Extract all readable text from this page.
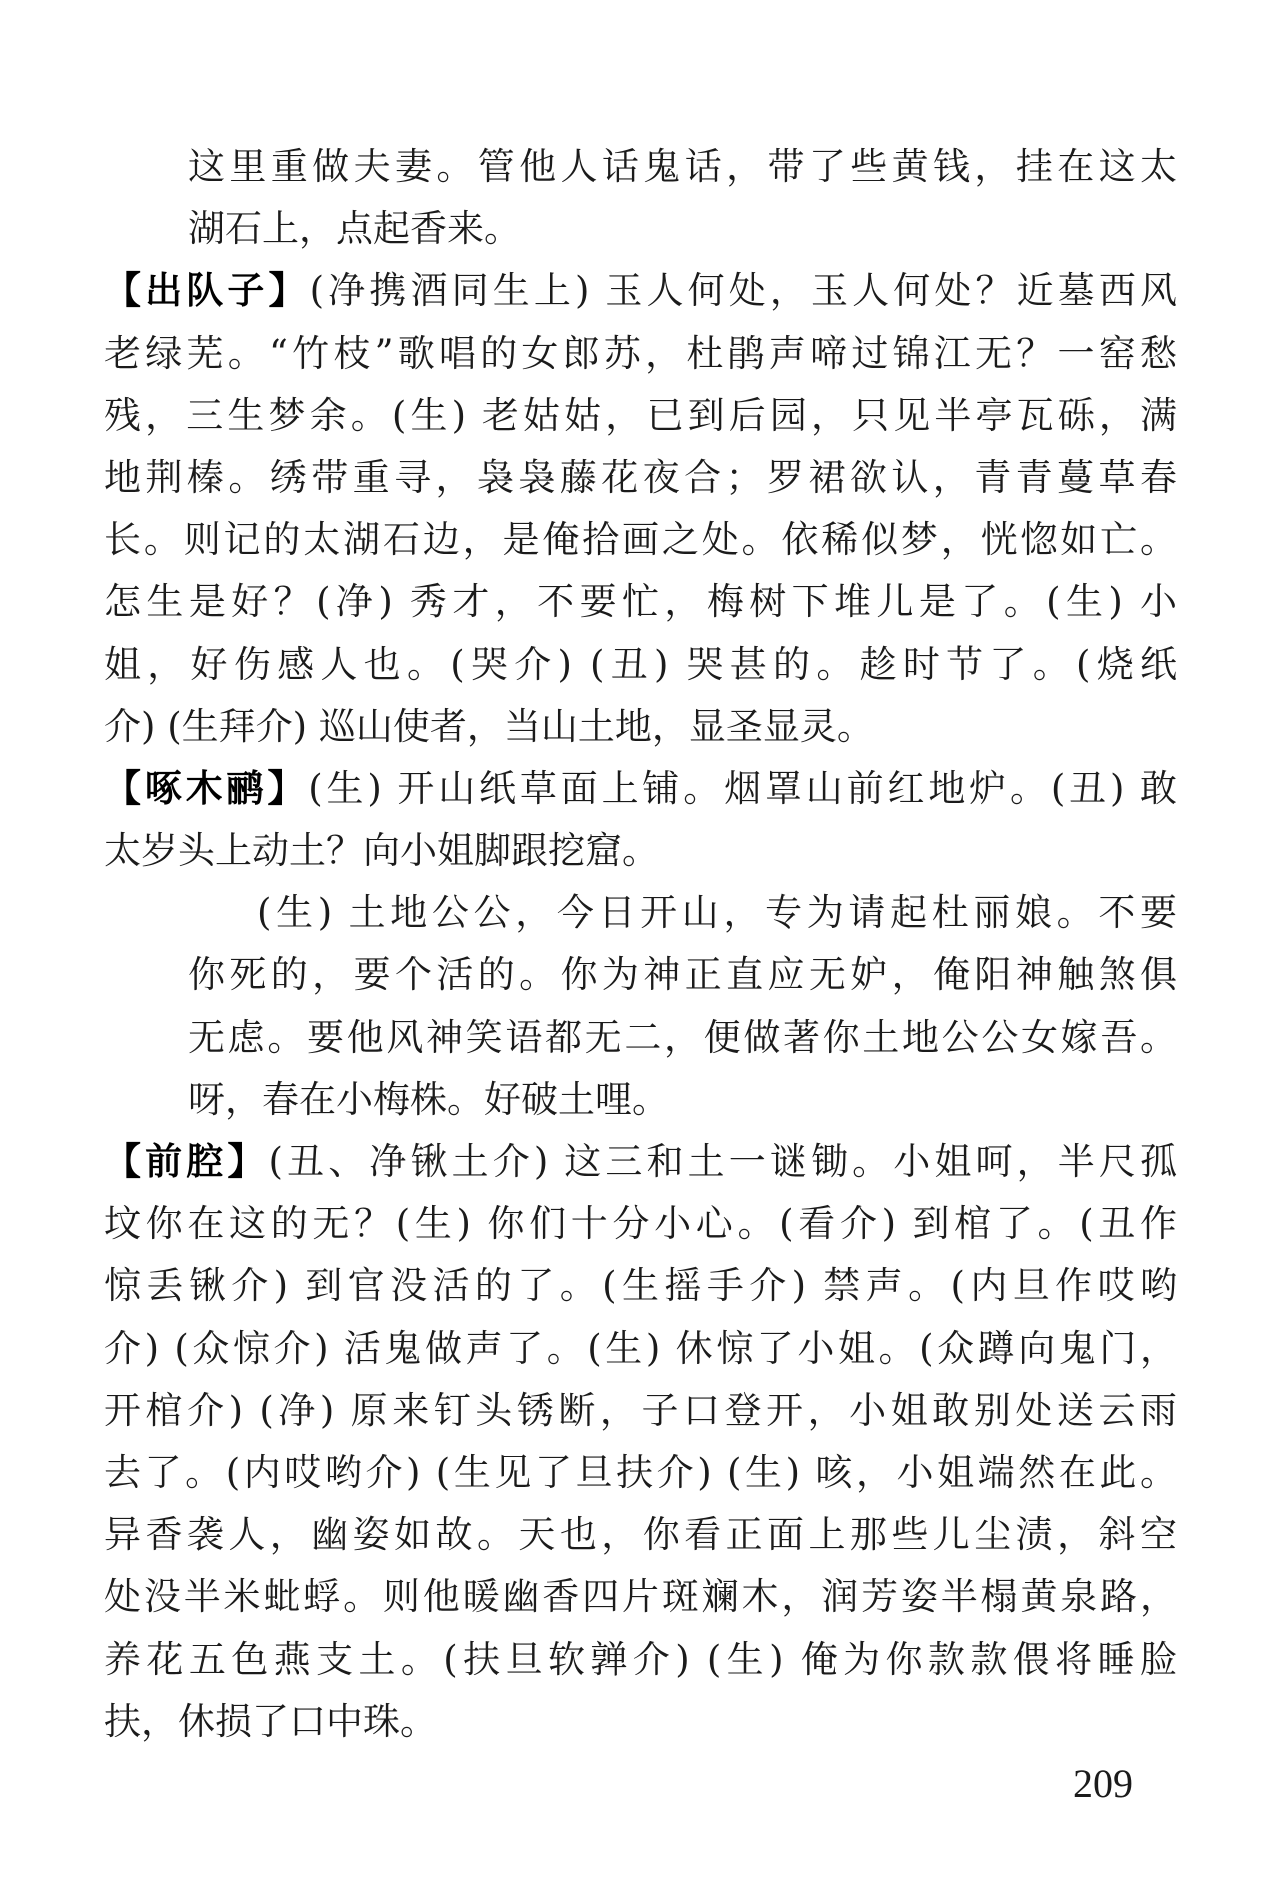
这里重做夫妻。管他人话鬼话，带了些黄钱，挂在这太
湖石上，点起香来。
【出队子】(净携酒同生上) 玉人何处，玉人何处？近墓西风
老绿芜。“竹枝”歌唱的女郎苏，杜鹃声啼过锦江无？一窑愁
残，三生梦余。(生) 老姑姑，已到后园，只见半亭瓦砾，满
地荆榛。绣带重寻，袅袅藤花夜合；罗裙欲认，青青蔓草春
长。则记的太湖石边，是俺拾画之处。依稀似梦，恍惚如亡。
怎生是好？(净) 秀才，不要忙，梅树下堆儿是了。(生) 小
姐，好伤感人也。(哭介) (丑) 哭甚的。趁时节了。(烧纸
介) (生拜介) 巡山使者，当山土地，显圣显灵。
【啄木鹂】(生) 开山纸草面上铺。烟罩山前红地炉。(丑) 敢
太岁头上动土？向小姐脚跟挖窟。
(生) 土地公公，今日开山，专为请起杜丽娘。不要
你死的，要个活的。你为神正直应无妒，俺阳神触煞俱
无虑。要他风神笑语都无二，便做著你土地公公女嫁吾。
呀，春在小梅株。好破土哩。
【前腔】(丑、净锹土介) 这三和土一谜锄。小姐呵，半尺孤
坟你在这的无？(生) 你们十分小心。(看介) 到棺了。(丑作
惊丢锹介) 到官没活的了。(生摇手介) 禁声。(内旦作哎哟
介) (众惊介) 活鬼做声了。(生) 休惊了小姐。(众蹲向鬼门，
开棺介) (净) 原来钉头锈断，子口登开，小姐敢别处送云雨
去了。(内哎哟介) (生见了旦扶介) (生) 咳，小姐端然在此。
异香袭人，幽姿如故。天也，你看正面上那些儿尘渍，斜空
处没半米蚍蜉。则他暖幽香四片斑斓木，润芳姿半榻黄泉路，
养花五色燕支土。(扶旦软亸介) (生) 俺为你款款偎将睡脸
扶，休损了口中珠。
209
